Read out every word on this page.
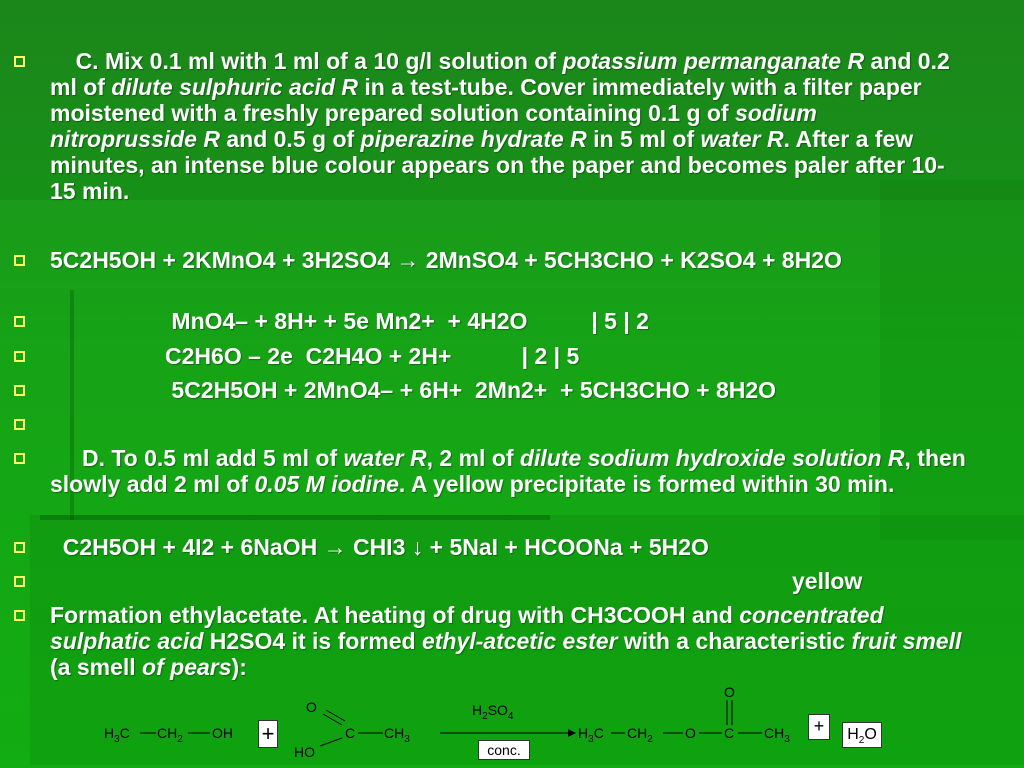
C. Mix 0.1 ml with 1 ml of a 10 g/l solution of potassium permanganate R and 0.2 ml of dilute sulphuric acid R in a test-tube. Cover immediately with a filter paper moistened with a freshly prepared solution containing 0.1 g of sodium nitroprusside R and 0.5 g of piperazine hydrate R in 5 ml of water R. After a few minutes, an intense blue colour appears on the paper and becomes paler after 10-15 min.
5C2H5OH + 2KMnO4 + 3H2SO4 → 2MnSO4 + 5CH3CHO + K2SO4 + 8H2O
MnO4– + 8H+ + 5e Mn2+  + 4H2O          | 5 | 2
C2H6O – 2e  C2H4O + 2H+           | 2 | 5
5C2H5OH + 2MnO4– + 6H+  2Mn2+  + 5CH3CHO + 8H2O
D. To 0.5 ml add 5 ml of water R, 2 ml of dilute sodium hydroxide solution R, then slowly add 2 ml of 0.05 M iodine. A yellow precipitate is formed within 30 min.
C2H5OH + 4I2 + 6NaOH → CHI3 ↓ + 5NaI + HCOONa + 5H2O
yellow
Formation ethylacetate. At heating of drug with CH3COOH and concentrated sulphatic acid H2SO4 it is formed ethyl-atcetic ester with a characteristic fruit smell (a smell of pears):
$H_3C$ $CH_2$ OH +
O
C $CH_3$
HO
$H_2SO_4$
conc.
$H_3C$ $CH_2$ O C
O
$CH_3$
+	$H_2O$
